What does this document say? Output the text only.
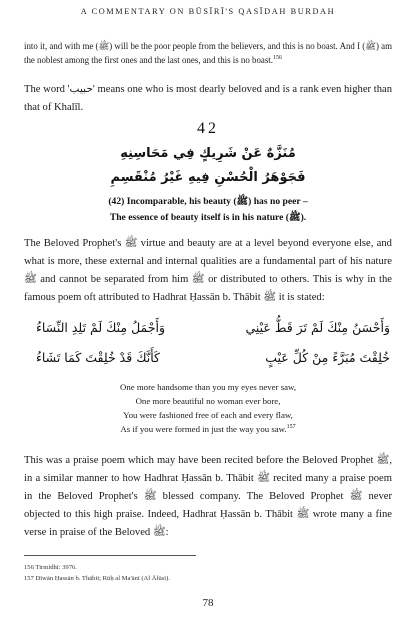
A COMMENTARY ON BŪSĪRĪ'S QASĪDAH BURDAH
into it, and with me (ﷺ) will be the poor people from the believers, and this is no boast. And I (ﷺ) am the noblest among the first ones and the last ones, and this is no boast.$^{156}$
The word 'حبيب' means one who is most dearly beloved and is a rank even higher than that of Khalīl.
42
مُنَزَّهٌ عَنْ شَرِيكٍ فِي مَحَاسِنِهِ
فَجَوْهَرُ الْحُسْنِ فِيهِ غَيْرُ مُنْقَسِمِ
(42) Incomparable, his beauty (ﷺ) has no peer –
The essence of beauty itself is in his nature (ﷺ).
The Beloved Prophet's ﷺ virtue and beauty are at a level beyond everyone else, and what is more, these external and internal qualities are a fundamental part of his nature ﷺ and cannot be separated from him ﷺ or distributed to others. This is why in the famous poem oft attributed to Hadhrat Ḥassān b. Thābit ﷺ it is stated:
وَأَحْسَنُ مِنْكَ لَمْ تَرَ قَطُّ عَيْنِي
وَأَجْمَلُ مِنْكَ لَمْ تَلِدِ النِّسَاءُ
خُلِقْتَ مُبَرَّءً مِنْ كُلِّ عَيْبٍ
كَأَنَّكَ قَدْ خُلِقْتَ كَمَا تَشَاءُ
One more handsome than you my eyes never saw,
One more beautiful no woman ever bore,
You were fashioned free of each and every flaw,
As if you were formed in just the way you saw.$^{157}$
This was a praise poem which may have been recited before the Beloved Prophet ﷺ, in a similar manner to how Hadhrat Ḥassān b. Thābit ﷺ recited many a praise poem in the Beloved Prophet's ﷺ blessed company. The Beloved Prophet ﷺ never objected to this high praise. Indeed, Hadhrat Ḥassān b. Thābit ﷺ wrote many a fine verse in praise of the Beloved ﷺ:
156 Tirmidhī: 3976.
157 Dīwān Ḥassān b. Thābit; Rūḥ al Ma'ānī (Al Ālūsī).
78
